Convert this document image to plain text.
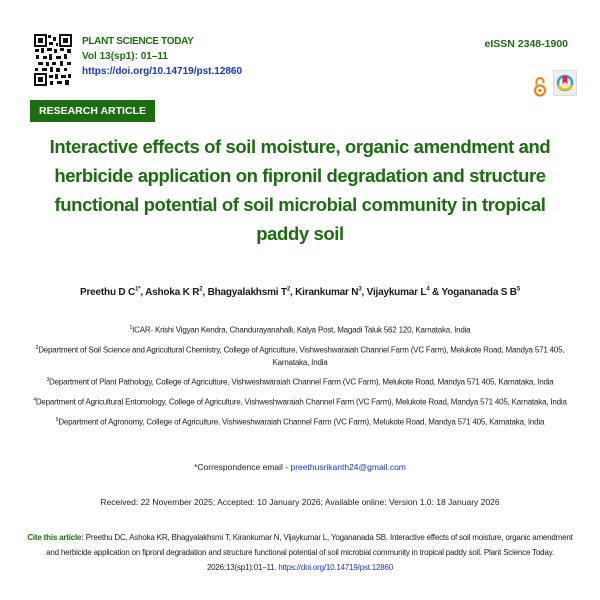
PLANT SCIENCE TODAY
Vol 13(sp1): 01–11
https://doi.org/10.14719/pst.12860
eISSN 2348-1900
RESEARCH ARTICLE
Interactive effects of soil moisture, organic amendment and herbicide application on fipronil degradation and structure functional potential of soil microbial community in tropical paddy soil
Preethu D $C^{1*}$, Ashoka K $R^2$, Bhagyalakhsmi $T^2$, Kirankumar $N^3$, Vijaykumar $L^4$ & Yogananada S $B^5$

$^1$ICAR- Krishi Vigyan Kendra, Chandurayanahalli, Kalya Post, Magadi Taluk 562 120, Karnataka, India

$^2$Department of Soil Science and Agricultural Chemistry, College of Agriculture, Vishweshwaraiah Channel Farm (VC Farm), Melukote Road, Mandya 571 405, Karnataka, India

$^3$Department of Plant Pathology, College of Agriculture, Vishweshwaraiah Channel Farm (VC Farm), Melukote Road, Mandya 571 405, Karnataka, India

$^4$Department of Agricultural Entomology, College of Agriculture, Vishweshwaraiah Channel Farm (VC Farm), Melukote Road, Mandya 571 405, Karnataka, India

$^5$Department of Agronomy, College of Agriculture, Vishweshwaraiah Channel Farm (VC Farm), Melukote Road, Mandya 571 405, Karnataka, India

*Correspondence email - preethusrikanth24@gmail.com
Received: 22 November 2025; Accepted: 10 January 2026; Available online: Version 1.0: 18 January 2026
Cite this article: Preethu DC, Ashoka KR, Bhagyalakhsmi T, Kirankumar N, Vijaykumar L, Yogananada SB. Interactive effects of soil moisture, organic amendment and herbicide application on fipronil degradation and structure functional potential of soil microbial community in tropical paddy soil. Plant Science Today. 2026;13(sp1):01–11. https://doi.org/10.14719/pst.12860
